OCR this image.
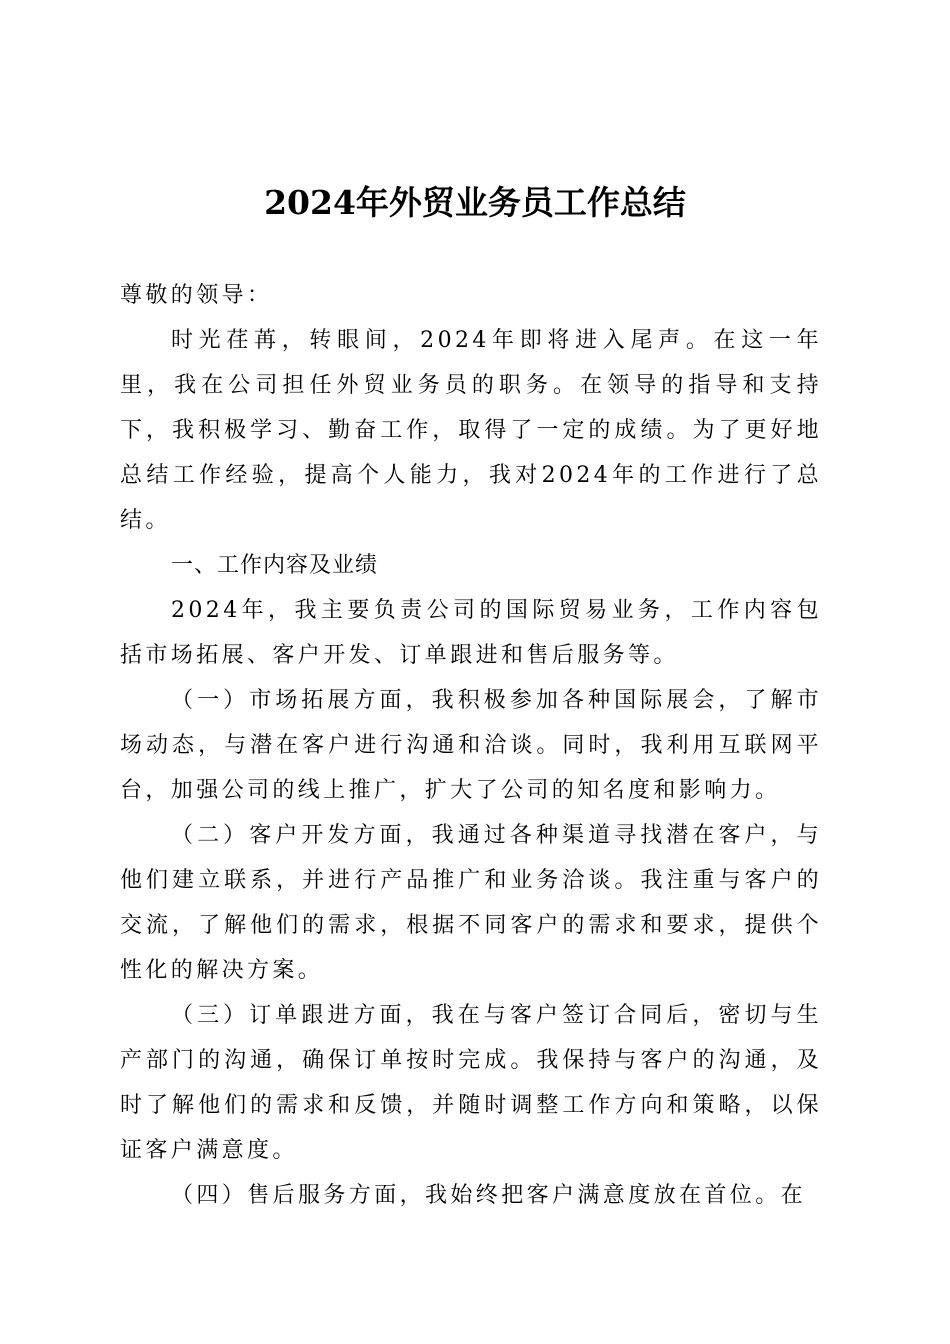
2024年外贸业务员工作总结

尊敬的领导：

时光荏苒，转眼间，2024年即将进入尾声。在这一年里，我在公司担任外贸业务员的职务。在领导的指导和支持下，我积极学习、勤奋工作，取得了一定的成绩。为了更好地总结工作经验，提高个人能力，我对2024年的工作进行了总结。

一、工作内容及业绩

2024年，我主要负责公司的国际贸易业务，工作内容包括市场拓展、客户开发、订单跟进和售后服务等。

（一）市场拓展方面，我积极参加各种国际展会，了解市场动态，与潜在客户进行沟通和洽谈。同时，我利用互联网平台，加强公司的线上推广，扩大了公司的知名度和影响力。

（二）客户开发方面，我通过各种渠道寻找潜在客户，与他们建立联系，并进行产品推广和业务洽谈。我注重与客户的交流，了解他们的需求，根据不同客户的需求和要求，提供个性化的解决方案。

（三）订单跟进方面，我在与客户签订合同后，密切与生产部门的沟通，确保订单按时完成。我保持与客户的沟通，及时了解他们的需求和反馈，并随时调整工作方向和策略，以保证客户满意度。

（四）售后服务方面，我始终把客户满意度放在首位。在
